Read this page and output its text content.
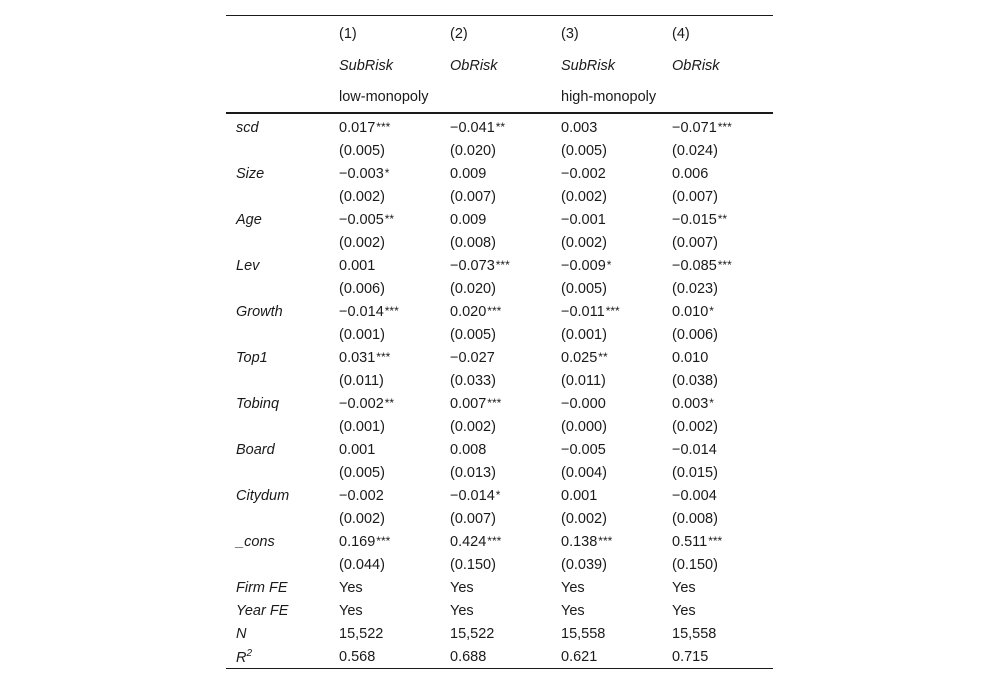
	(1)	(2)	(3)	(4)
	SubRisk	ObRisk	SubRisk	ObRisk
	low-monopoly		high-monopoly	
scd	0.017***	−0.041**	0.003	−0.071***
	(0.005)	(0.020)	(0.005)	(0.024)
Size	−0.003*	0.009	−0.002	0.006
	(0.002)	(0.007)	(0.002)	(0.007)
Age	−0.005**	0.009	−0.001	−0.015**
	(0.002)	(0.008)	(0.002)	(0.007)
Lev	0.001	−0.073***	−0.009*	−0.085***
	(0.006)	(0.020)	(0.005)	(0.023)
Growth	−0.014***	0.020***	−0.011***	0.010*
	(0.001)	(0.005)	(0.001)	(0.006)
Top1	0.031***	−0.027	0.025**	0.010
	(0.011)	(0.033)	(0.011)	(0.038)
Tobinq	−0.002**	0.007***	−0.000	0.003*
	(0.001)	(0.002)	(0.000)	(0.002)
Board	0.001	0.008	−0.005	−0.014
	(0.005)	(0.013)	(0.004)	(0.015)
Citydum	−0.002	−0.014*	0.001	−0.004
	(0.002)	(0.007)	(0.002)	(0.008)
_cons	0.169***	0.424***	0.138***	0.511***
	(0.044)	(0.150)	(0.039)	(0.150)
Firm FE	Yes	Yes	Yes	Yes
Year FE	Yes	Yes	Yes	Yes
N	15,522	15,522	15,558	15,558
$R^2$	0.568	0.688	0.621	0.715
